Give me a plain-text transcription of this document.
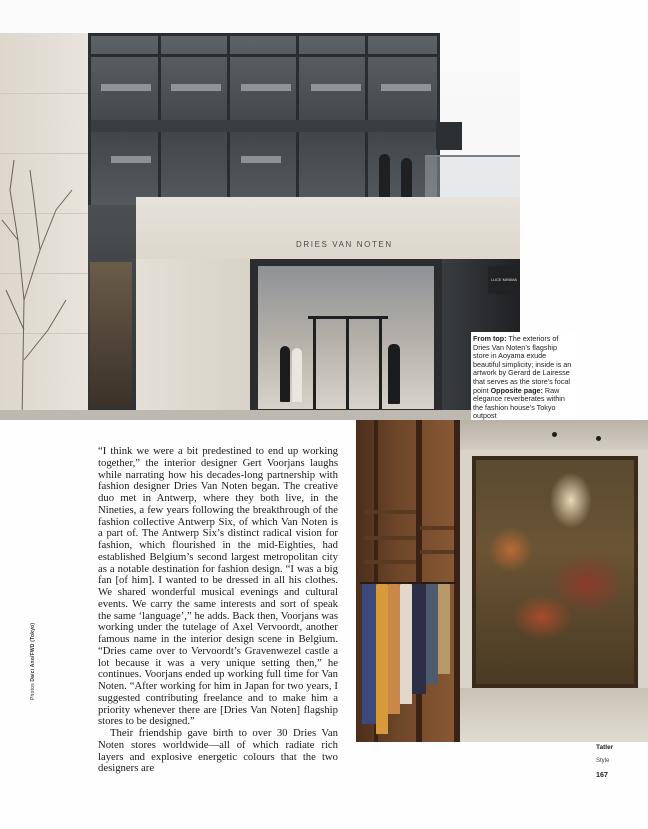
DRIES VAN NOTEN
LUCE MINIMA
From top: The exteriors of Dries Van Noten’s flagship store in Aoyama exude beautiful simplicity; inside is an artwork by Gerard de Lairesse that serves as the store’s focal point Opposite page: Raw elegance reverberates within the fashion house’s Tokyo outpost
Photos Daici Ano/FWD (Tokyo)

“I think we were a bit predestined to end up working together,” the interior designer Gert Voorjans laughs while narrating how his decades-long partnership with fashion designer Dries Van Noten began. The creative duo met in Antwerp, where they both live, in the Nineties, a few years following the breakthrough of the fashion collective Antwerp Six, of which Van Noten is a part of. The Antwerp Six’s distinct radical vision for fashion, which flourished in the mid-Eighties, had established Belgium’s second largest metropolitan city as a notable destination for fashion design. “I was a big fan [of him]. I wanted to be dressed in all his clothes. We shared wonderful musical evenings and cultural events. We carry the same interests and sort of speak the same ‘language’,” he adds. Back then, Voorjans was working under the tutelage of Axel Vervoordt, another famous name in the interior design scene in Belgium. “Dries came over to Vervoordt’s Gravenwezel castle a lot because it was a very unique setting then,” he continues. Voorjans ended up working full time for Van Noten. “After working for him in Japan for two years, I suggested contributing freelance and to make him a priority whenever there are [Dries Van Noten] flagship stores to be designed.”

Their friendship gave birth to over 30 Dries Van Noten stores worldwide—all of which radiate rich layers and explosive energetic colours that the two designers are

Tatler
Style
167
